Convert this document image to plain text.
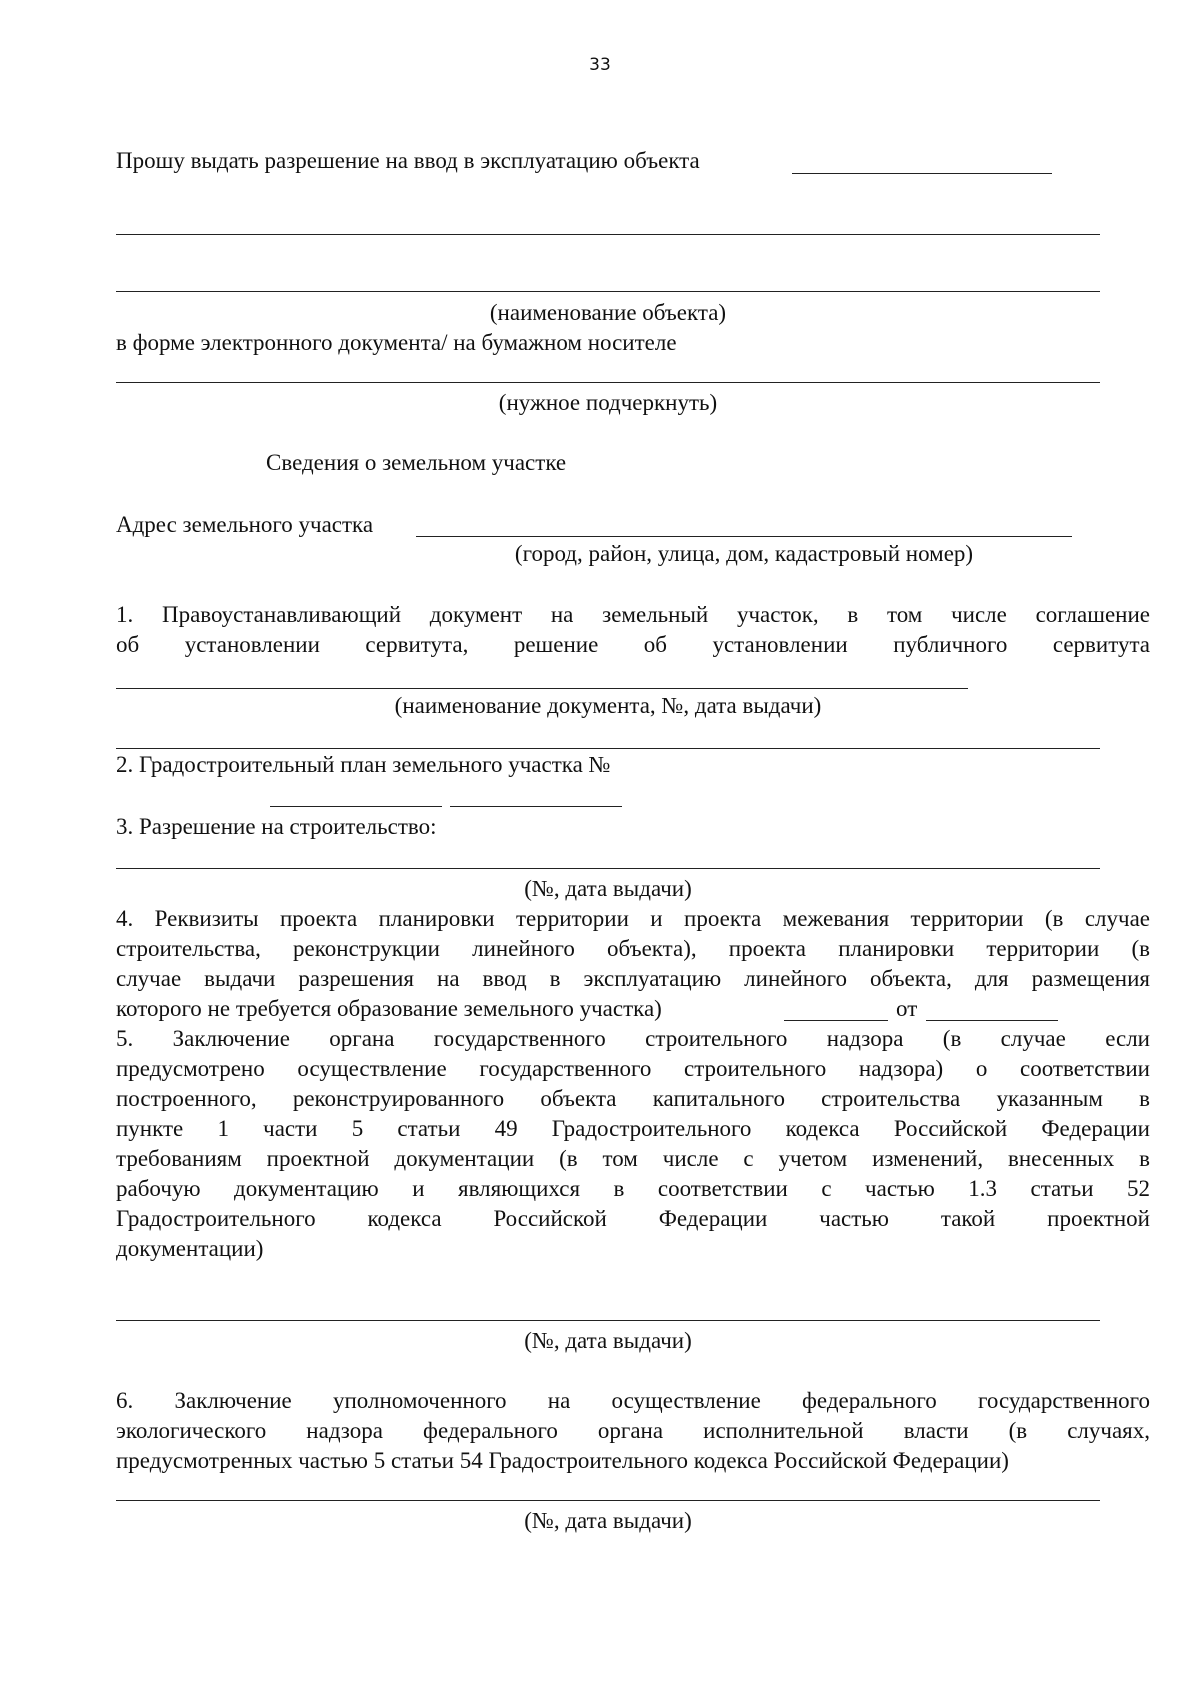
33
Прошу выдать разрешение на ввод в эксплуатацию объекта
(наименование объекта)
в форме электронного документа/ на бумажном носителе
(нужное подчеркнуть)
Сведения о земельном участке
Адрес земельного участка
(город, район, улица, дом, кадастровый номер)
1. Правоустанавливающий документ на земельный участок, в том числе соглашение
об установлении сервитута, решение об установлении публичного сервитута
(наименование документа, №, дата выдачи)
2. Градостроительный план земельного участка №
3. Разрешение на строительство:
(№, дата выдачи)
4. Реквизиты проекта планировки территории и проекта межевания территории (в случае
строительства, реконструкции линейного объекта), проекта планировки территории (в
случае выдачи разрешения на ввод в эксплуатацию линейного объекта, для размещения
которого не требуется образование земельного участка)	от
5. Заключение органа государственного строительного надзора (в случае если
предусмотрено осуществление государственного строительного надзора) о соответствии
построенного, реконструированного объекта капитального строительства указанным в
пункте 1 части 5 статьи 49 Градостроительного кодекса Российской Федерации
требованиям проектной документации (в том числе с учетом изменений, внесенных в
рабочую документацию и являющихся в соответствии с частью 1.3 статьи 52
Градостроительного кодекса Российской Федерации частью такой проектной
документации)
(№, дата выдачи)
6. Заключение уполномоченного на осуществление федерального государственного
экологического надзора федерального органа исполнительной власти (в случаях,
предусмотренных частью 5 статьи 54 Градостроительного кодекса Российской Федерации)
(№, дата выдачи)
